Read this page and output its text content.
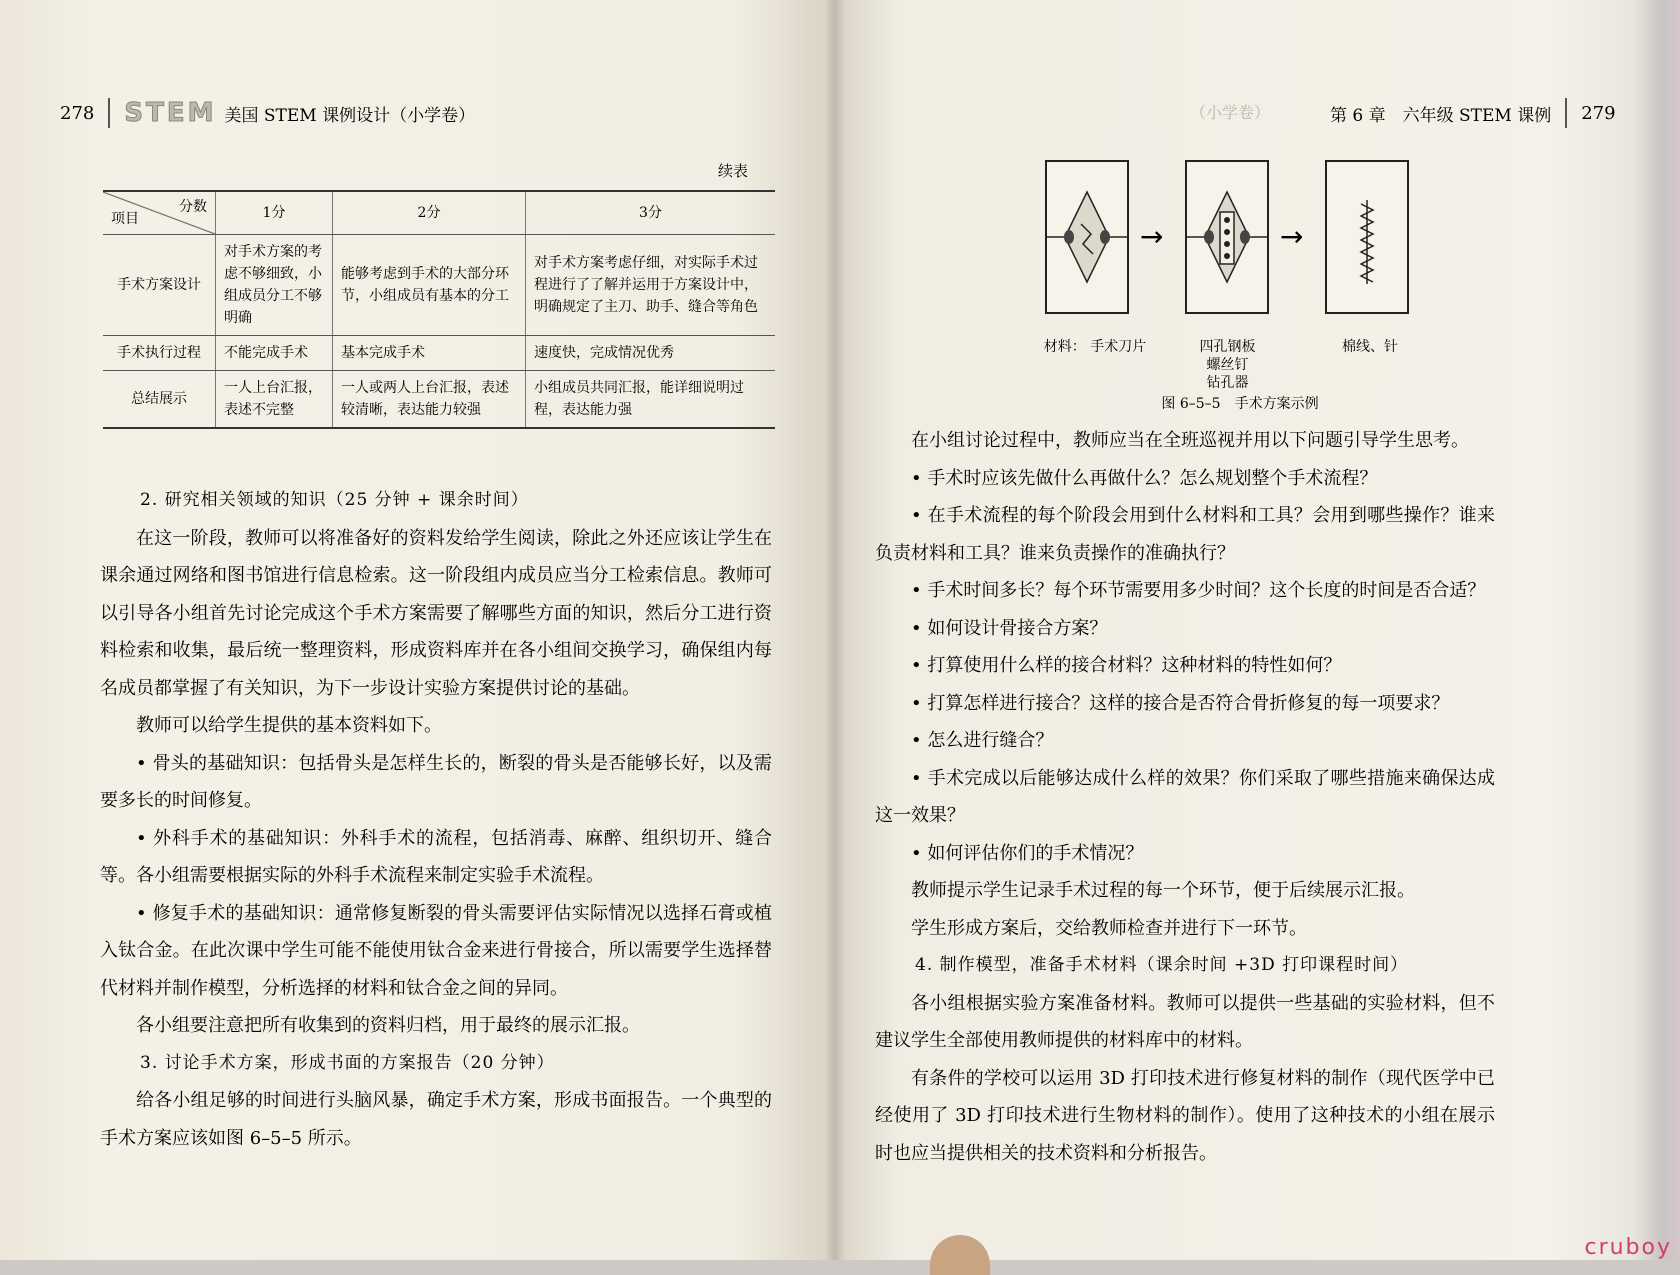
278 STEM 美国 STEM 课例设计（小学卷）
续表
分数
项目	1分	2分	3分
手术方案设计	对手术方案的考虑不够细致，小组成员分工不够明确	能够考虑到手术的大部分环节，小组成员有基本的分工	对手术方案考虑仔细，对实际手术过程进行了了解并运用于方案设计中，明确规定了主刀、助手、缝合等角色
手术执行过程	不能完成手术	基本完成手术	速度快，完成情况优秀
总结展示	一人上台汇报，表述不完整	一人或两人上台汇报，表述较清晰，表达能力较强	小组成员共同汇报，能详细说明过程，表达能力强

2. 研究相关领域的知识（25 分钟 + 课余时间）

在这一阶段，教师可以将准备好的资料发给学生阅读，除此之外还应该让学生在课余通过网络和图书馆进行信息检索。这一阶段组内成员应当分工检索信息。教师可以引导各小组首先讨论完成这个手术方案需要了解哪些方面的知识，然后分工进行资料检索和收集，最后统一整理资料，形成资料库并在各小组间交换学习，确保组内每名成员都掌握了有关知识，为下一步设计实验方案提供讨论的基础。

教师可以给学生提供的基本资料如下。

• 骨头的基础知识：包括骨头是怎样生长的，断裂的骨头是否能够长好，以及需要多长的时间修复。

• 外科手术的基础知识：外科手术的流程，包括消毒、麻醉、组织切开、缝合等。各小组需要根据实际的外科手术流程来制定实验手术流程。

• 修复手术的基础知识：通常修复断裂的骨头需要评估实际情况以选择石膏或植入钛合金。在此次课中学生可能不能使用钛合金来进行骨接合，所以需要学生选择替代材料并制作模型，分析选择的材料和钛合金之间的异同。

各小组要注意把所有收集到的资料归档，用于最终的展示汇报。

3. 讨论手术方案，形成书面的方案报告（20 分钟）

给各小组足够的时间进行头脑风暴，确定手术方案，形成书面报告。一个典型的手术方案应该如图 6–5–5 所示。

（小学卷）	第 6 章　六年级 STEM 课例 279
→	→
材料： 手术刀片	四孔钢板
螺丝钉
钻孔器
棉线、针
图 6–5–5　手术方案示例

在小组讨论过程中，教师应当在全班巡视并用以下问题引导学生思考。

• 手术时应该先做什么再做什么？怎么规划整个手术流程？

• 在手术流程的每个阶段会用到什么材料和工具？会用到哪些操作？谁来负责材料和工具？谁来负责操作的准确执行？

• 手术时间多长？每个环节需要用多少时间？这个长度的时间是否合适？

• 如何设计骨接合方案？

• 打算使用什么样的接合材料？这种材料的特性如何？

• 打算怎样进行接合？这样的接合是否符合骨折修复的每一项要求？

• 怎么进行缝合？

• 手术完成以后能够达成什么样的效果？你们采取了哪些措施来确保达成这一效果？

• 如何评估你们的手术情况？

教师提示学生记录手术过程的每一个环节，便于后续展示汇报。

学生形成方案后，交给教师检查并进行下一环节。

4. 制作模型，准备手术材料（课余时间 +3D 打印课程时间）

各小组根据实验方案准备材料。教师可以提供一些基础的实验材料，但不建议学生全部使用教师提供的材料库中的材料。

有条件的学校可以运用 3D 打印技术进行修复材料的制作（现代医学中已经使用了 3D 打印技术进行生物材料的制作）。使用了这种技术的小组在展示时也应当提供相关的技术资料和分析报告。

cruboy
